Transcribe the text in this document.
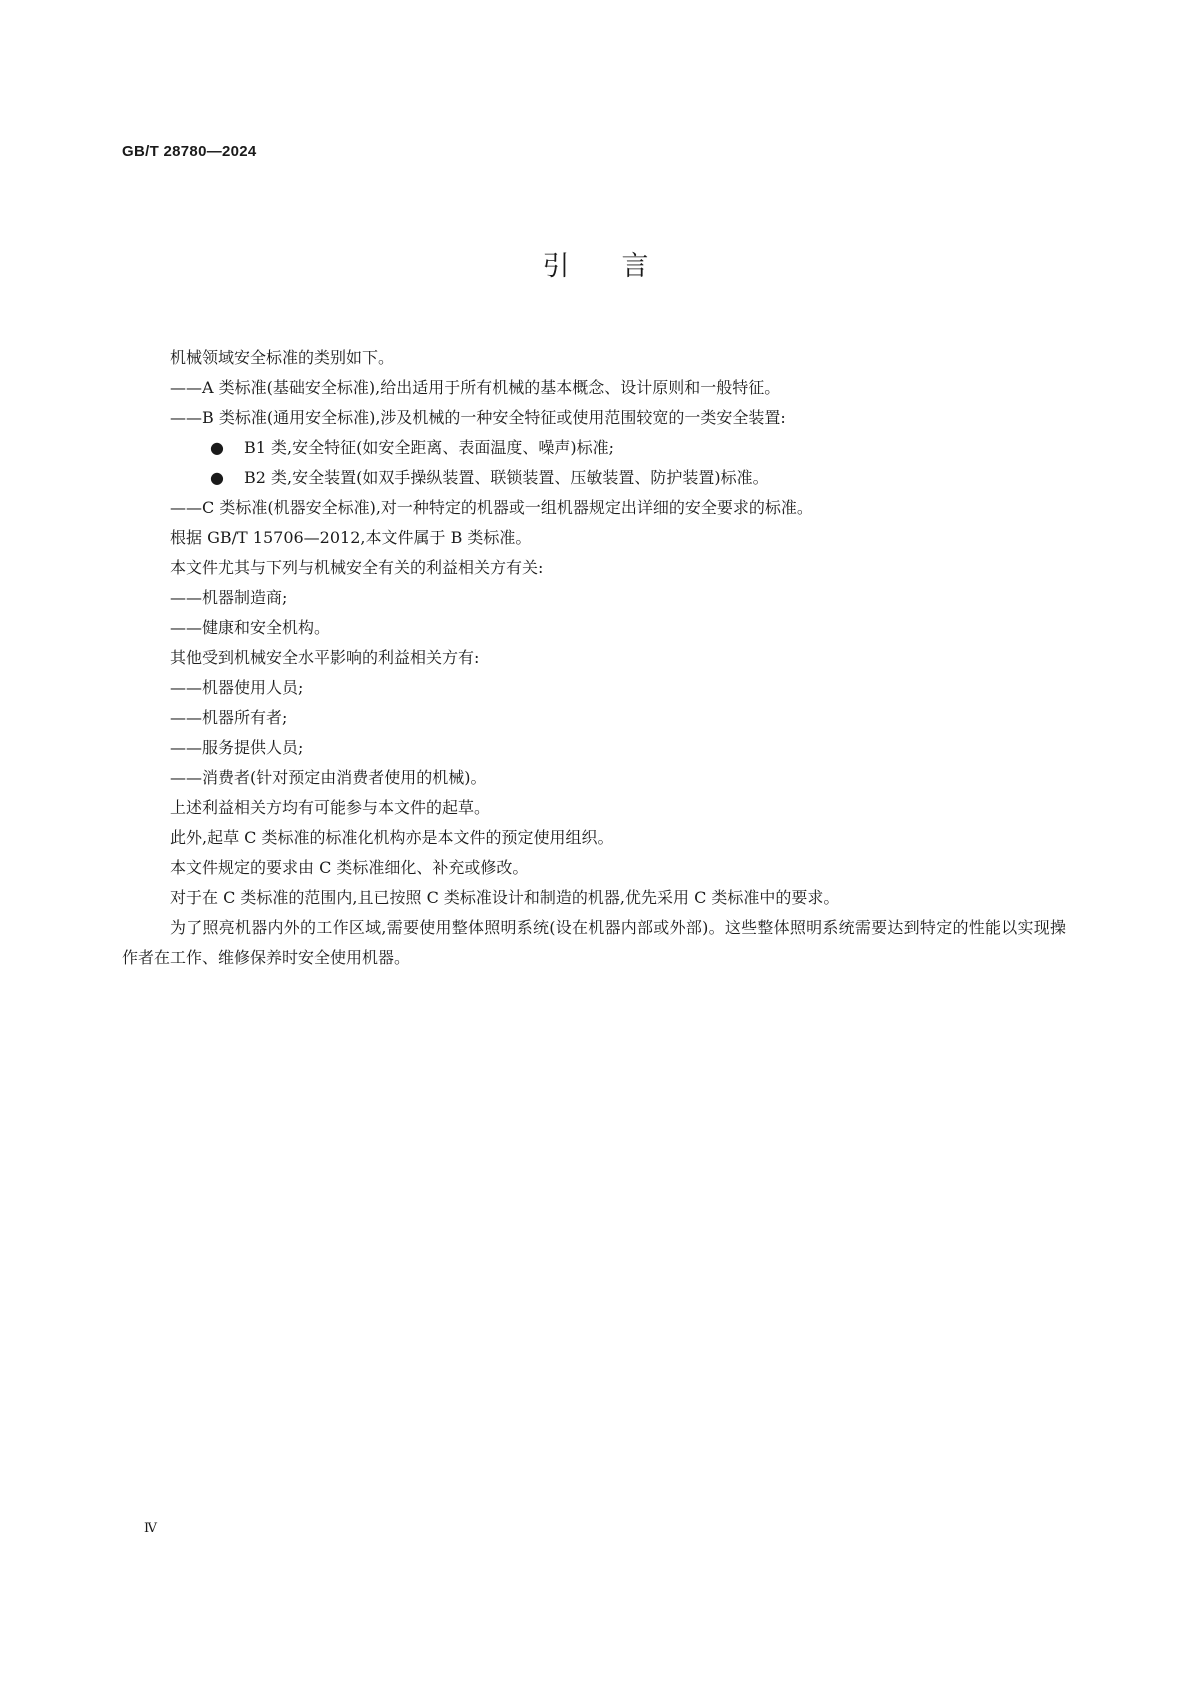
GB/T 28780—2024
引言
机械领域安全标准的类别如下。
——A 类标准(基础安全标准),给出适用于所有机械的基本概念、设计原则和一般特征。
——B 类标准(通用安全标准),涉及机械的一种安全特征或使用范围较宽的一类安全装置:
●	B1 类,安全特征(如安全距离、表面温度、噪声)标准;
●	B2 类,安全装置(如双手操纵装置、联锁装置、压敏装置、防护装置)标准。
——C 类标准(机器安全标准),对一种特定的机器或一组机器规定出详细的安全要求的标准。
根据 GB/T 15706—2012,本文件属于 B 类标准。
本文件尤其与下列与机械安全有关的利益相关方有关:
——机器制造商;
——健康和安全机构。
其他受到机械安全水平影响的利益相关方有:
——机器使用人员;
——机器所有者;
——服务提供人员;
——消费者(针对预定由消费者使用的机械)。
上述利益相关方均有可能参与本文件的起草。
此外,起草 C 类标准的标准化机构亦是本文件的预定使用组织。
本文件规定的要求由 C 类标准细化、补充或修改。
对于在 C 类标准的范围内,且已按照 C 类标准设计和制造的机器,优先采用 C 类标准中的要求。
为了照亮机器内外的工作区域,需要使用整体照明系统(设在机器内部或外部)。这些整体照明系统需要达到特定的性能以实现操作者在工作、维修保养时安全使用机器。
Ⅳ
